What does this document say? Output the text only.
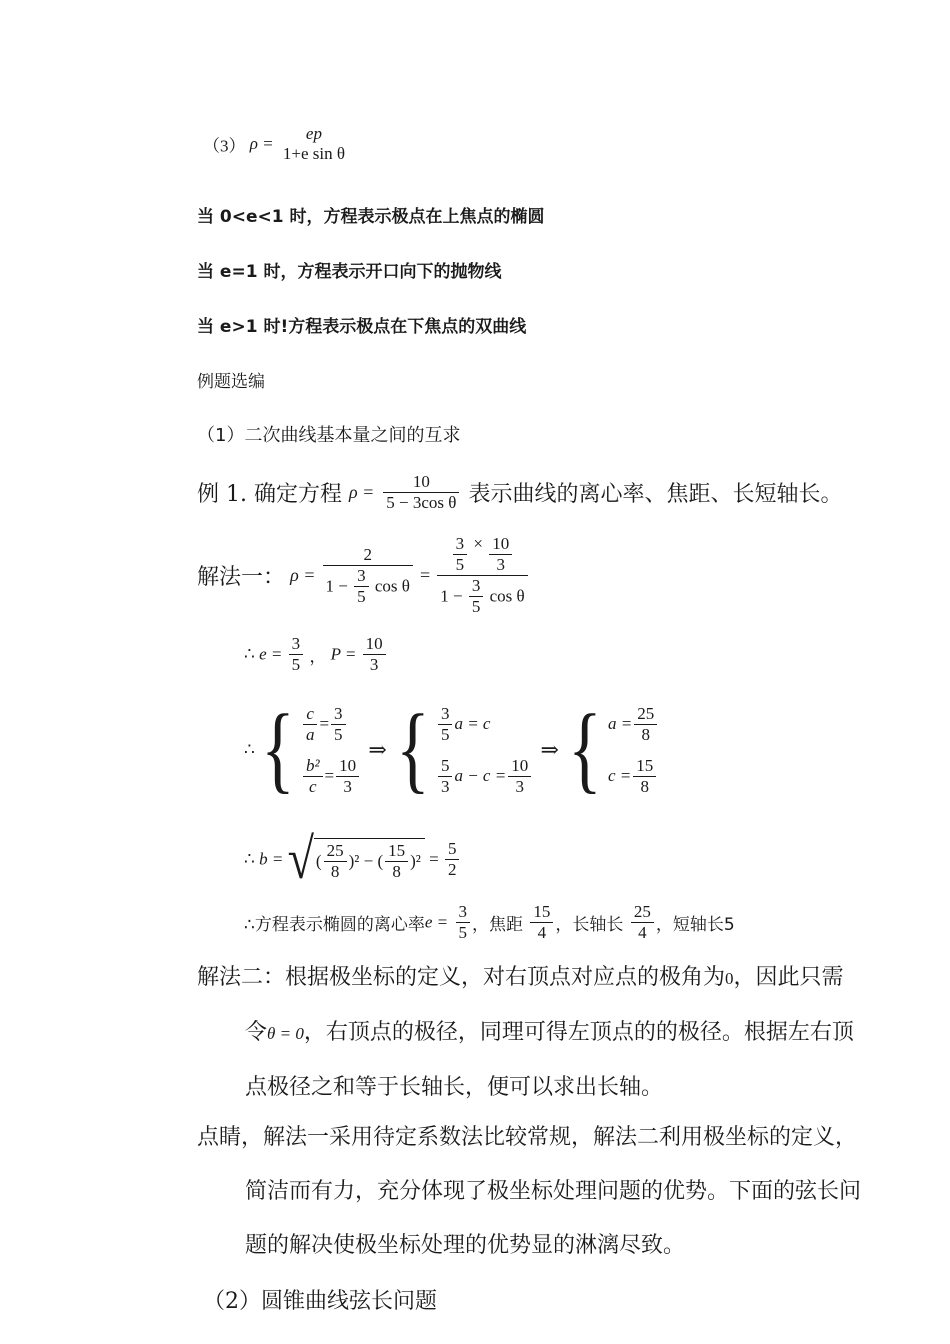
（3） ρ =
ep
1+e sin θ
当 0<e<1 时，方程表示极点在上焦点的椭圆
当 e=1 时，方程表示开口向下的抛物线
当 e>1 时!方程表示极点在下焦点的双曲线
例题选编
（1）二次曲线基本量之间的互求
例 1. 确定方程 $\rho = \frac{10}{\text{5 − 3cos θ}}$ 表示曲线的离心率、焦距、长短轴长。
解法一： $\rho = \frac{2}{1 - \frac{3}{5} \cos \theta} = \frac{\frac{3}{5} \times \frac{10}{3}}{1 - \frac{3}{5} \cos \theta}$
∴ $e = \frac{3}{5}$ ， $P = \frac{10}{3}$
∴ { $\frac{c}{a} = \frac{3}{5}$
$\frac{\text{b²}}{c} = \frac{10}{3}$
⇒ { $\frac{3}{5}$ a = c
$\frac{5}{3}$ $a - c = \frac{10}{3}$
⇒ { $a = \frac{25}{8}$
$c = \frac{15}{8}$
∴ b = √ ( $\frac{25}{8} )^2$ − ( $\frac{15}{8} )^2 = \frac{5}{2}$
∴方程表示椭圆的离心率$e = \frac{3}{5}$ ，焦距 $\frac{15}{4}$ ，长轴长 $\frac{25}{4}$ ，短轴长5
解法二：根据极坐标的定义，对右顶点对应点的极角为0，因此只需
令θ = 0，右顶点的极径，同理可得左顶点的的极径。根据左右顶
点极径之和等于长轴长，便可以求出长轴。
点睛，解法一采用待定系数法比较常规，解法二利用极坐标的定义，
简洁而有力，充分体现了极坐标处理问题的优势。下面的弦长问
题的解决使极坐标处理的优势显的淋漓尽致。
（2）圆锥曲线弦长问题
